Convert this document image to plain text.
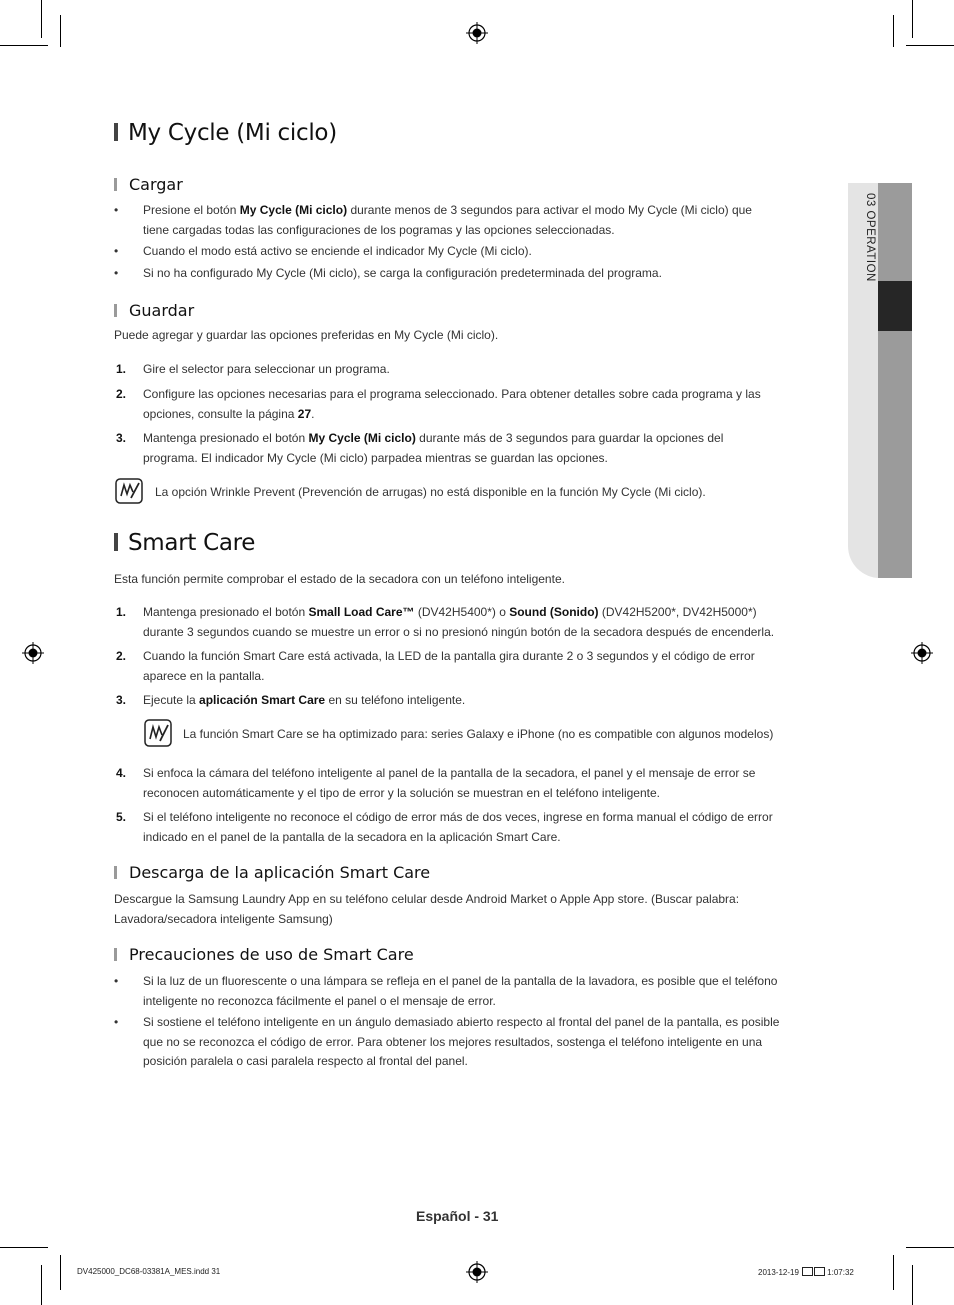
03 OPERATION
My Cycle (Mi ciclo)
Cargar
• Presione el botón My Cycle (Mi ciclo) durante menos de 3 segundos para activar el modo My Cycle (Mi ciclo) que
tiene cargadas todas las configuraciones de los pogramas y las opciones seleccionadas.
• Cuando el modo está activo se enciende el indicador My Cycle (Mi ciclo).
• Si no ha configurado My Cycle (Mi ciclo), se carga la configuración predeterminada del programa.
Guardar
Puede agregar y guardar las opciones preferidas en My Cycle (Mi ciclo).
1. Gire el selector para seleccionar un programa.
2. Configure las opciones necesarias para el programa seleccionado. Para obtener detalles sobre cada programa y las
opciones, consulte la página 27.
3. Mantenga presionado el botón My Cycle (Mi ciclo) durante más de 3 segundos para guardar la opciones del
programa. El indicador My Cycle (Mi ciclo) parpadea mientras se guardan las opciones.
La opción Wrinkle Prevent (Prevención de arrugas) no está disponible en la función My Cycle (Mi ciclo).
Smart Care
Esta función permite comprobar el estado de la secadora con un teléfono inteligente.
1. Mantenga presionado el botón Small Load Care™ (DV42H5400*) o Sound (Sonido) (DV42H5200*, DV42H5000*)
durante 3 segundos cuando se muestre un error o si no presionó ningún botón de la secadora después de encenderla.
2. Cuando la función Smart Care está activada, la LED de la pantalla gira durante 2 o 3 segundos y el código de error
aparece en la pantalla.
3. Ejecute la aplicación Smart Care en su teléfono inteligente.
La función Smart Care se ha optimizado para: series Galaxy e iPhone (no es compatible con algunos modelos)
4. Si enfoca la cámara del teléfono inteligente al panel de la pantalla de la secadora, el panel y el mensaje de error se
reconocen automáticamente y el tipo de error y la solución se muestran en el teléfono inteligente.
5. Si el teléfono inteligente no reconoce el código de error más de dos veces, ingrese en forma manual el código de error
indicado en el panel de la pantalla de la secadora en la aplicación Smart Care.
Descarga de la aplicación Smart Care
Descargue la Samsung Laundry App en su teléfono celular desde Android Market o Apple App store. (Buscar palabra:
Lavadora/secadora inteligente Samsung)
Precauciones de uso de Smart Care
• Si la luz de un fluorescente o una lámpara se refleja en el panel de la pantalla de la lavadora, es posible que el teléfono
inteligente no reconozca fácilmente el panel o el mensaje de error.
• Si sostiene el teléfono inteligente en un ángulo demasiado abierto respecto al frontal del panel de la pantalla, es posible
que no se reconozca el código de error. Para obtener los mejores resultados, sostenga el teléfono inteligente en una
posición paralela o casi paralela respecto al frontal del panel.
Español - 31
DV425000_DC68-03381A_MES.indd 31	2013-12-19	1:07:32
